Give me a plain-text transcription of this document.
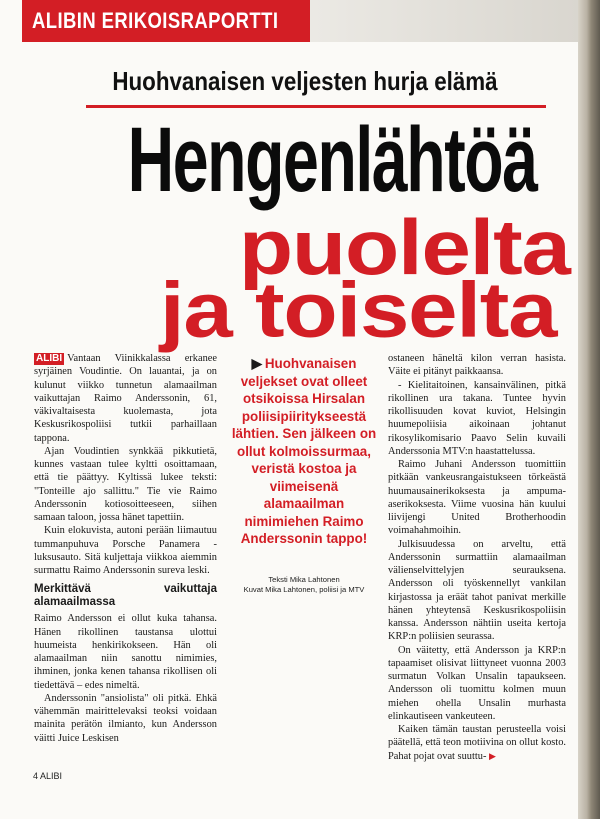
ALIBIN ERIKOISRAPORTTI
Huohvanaisen veljesten hurja elämä
Hengenlähtöä
puolelta
ja toiselta

ALIBI Vantaan Viinikkalassa erkanee syrjäinen Voudintie. On lauantai, ja on kulunut viikko tunnetun alamaailman vaikuttajan Raimo Anderssonin, 61, väkivaltaisesta kuolemasta, jota Keskusrikospoliisi tutkii parhaillaan tappona.

Ajan Voudintien synkkää pikkutietä, kunnes vastaan tulee kyltti osoittamaan, että tie päättyy. Kyltissä lukee teksti: "Tonteille ajo sallittu." Tie vie Raimo Anderssonin kotiosoitteeseen, siihen samaan taloon, jossa hänet tapettiin.

Kuin elokuvista, autoni perään liimautuu tummanpuhuva Porsche Panamera -luksusauto. Sitä kuljettaja viikkoa aiemmin surmattu Raimo Anderssonin sureva leski.

Merkittävä vaikuttaja alamaailmassa

Raimo Andersson ei ollut kuka tahansa. Hänen rikollinen taustansa ulottui huumeista henkirikokseen. Hän oli alamaailman niin sanottu nimimies, ihminen, jonka kenen tahansa rikollisen oli tiedettävä – edes nimeltä.

Anderssonin "ansiolista" oli pitkä. Ehkä vähemmän mairittelevaksi teoksi voidaan mainita perätön ilmianto, kun Andersson väitti Juice Leskisen

▶ Huohvanaisen veljekset ovat olleet otsikoissa Hirsalan poliisipiiritykseestä lähtien. Sen jälkeen on ollut kolmoissurmaa, veristä kostoa ja viimeisenä alamaailman nimimiehen Raimo Anderssonin tappo!
Teksti Mika Lahtonen
Kuvat Mika Lahtonen, poliisi ja MTV

ostaneen häneltä kilon verran hasista. Väite ei pitänyt paikkaansa.

- Kielitaitoinen, kansainvälinen, pitkä rikollinen ura takana. Tuntee hyvin rikollisuuden kovat kuviot, Helsingin huumepoliisia aikoinaan johtanut rikosylikomisario Paavo Selin kuvaili Anderssonia MTV:n haastattelussa.

Raimo Juhani Andersson tuomittiin pitkään vankeusrangaistukseen törkeästä huumausainerikoksesta ja ampuma-aserikoksesta. Viime vuosina hän kuului liivijengi United Brotherhoodin voimahahmoihin.

Julkisuudessa on arveltu, että Anderssonin surmattiin alamaailman välienselvittelyjen seurauksena. Andersson oli työskennellyt vankilan kirjastossa ja eräät tahot panivat merkille hänen yhteytensä Keskusrikospoliisin kanssa. Andersson nähtiin useita kertoja KRP:n poliisien seurassa.

On väitetty, että Andersson ja KRP:n tapaamiset olisivat liittyneet vuonna 2003 surmatun Volkan Unsalin tapaukseen. Andersson oli tuomittu kolmen muun miehen ohella Unsalin murhasta elinkautiseen vankeuteen.

Kaiken tämän taustan perusteella voisi päätellä, että teon motiivina on ollut kosto. Pahat pojat ovat suuttu- ▶

4 ALIBI
